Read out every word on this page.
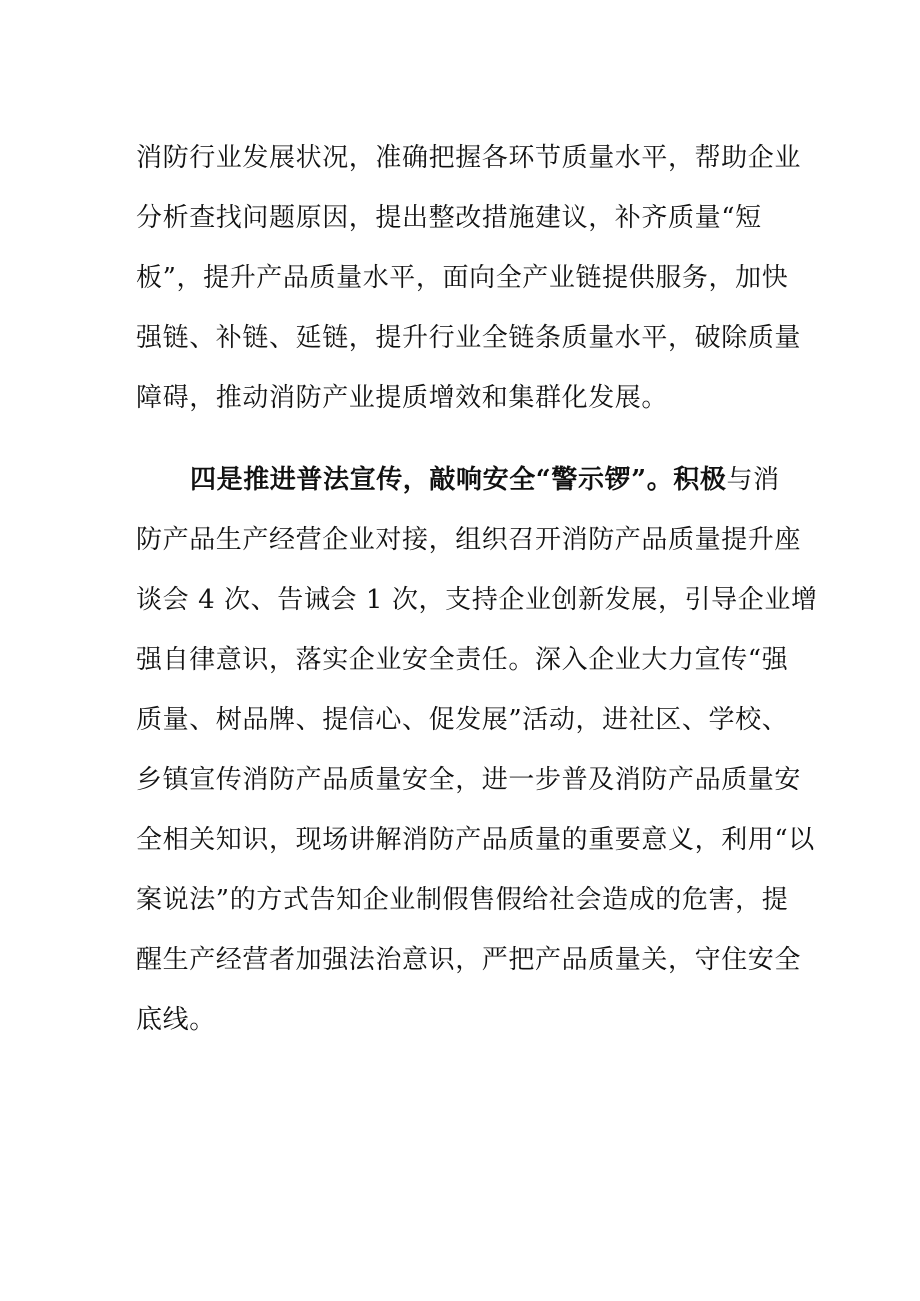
消防行业发展状况，准确把握各环节质量水平，帮助企业
分析查找问题原因，提出整改措施建议，补齐质量“短
板”，提升产品质量水平，面向全产业链提供服务，加快
强链、补链、延链，提升行业全链条质量水平，破除质量
障碍，推动消防产业提质增效和集群化发展。
四是推进普法宣传，敲响安全“警示锣”。积极与消
防产品生产经营企业对接，组织召开消防产品质量提升座
谈会 4 次、告诫会 1 次，支持企业创新发展，引导企业增
强自律意识，落实企业安全责任。深入企业大力宣传“强
质量、树品牌、提信心、促发展”活动，进社区、学校、
乡镇宣传消防产品质量安全，进一步普及消防产品质量安
全相关知识，现场讲解消防产品质量的重要意义，利用“以
案说法”的方式告知企业制假售假给社会造成的危害，提
醒生产经营者加强法治意识，严把产品质量关，守住安全
底线。
